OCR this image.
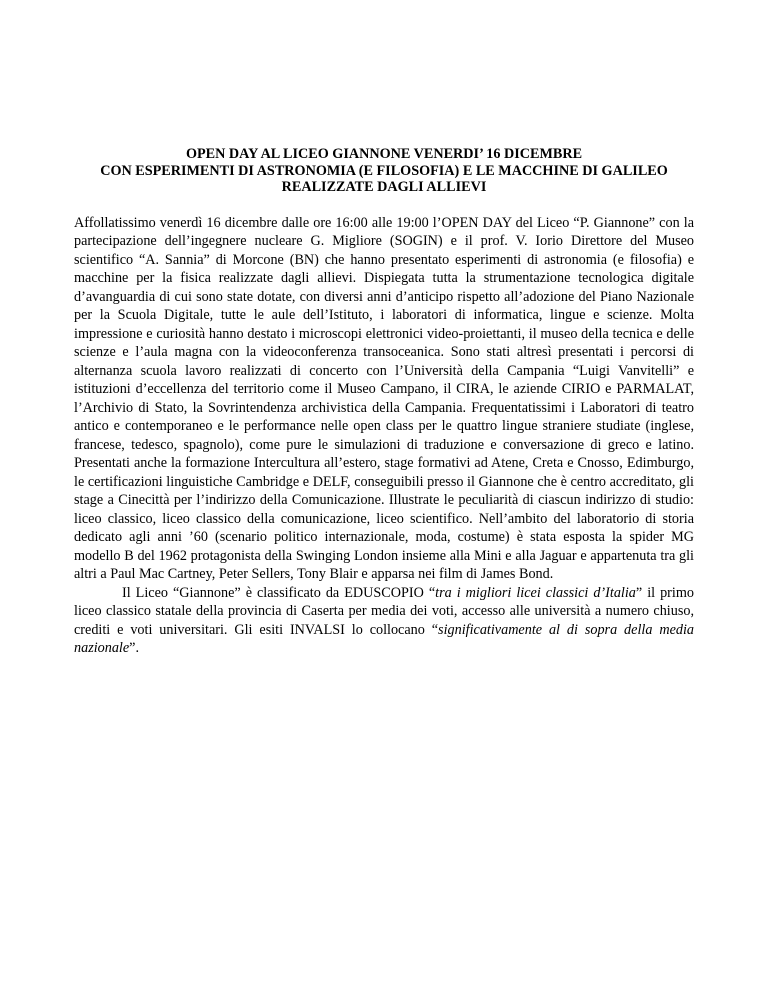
OPEN DAY AL LICEO GIANNONE VENERDI’ 16 DICEMBRE
CON ESPERIMENTI DI ASTRONOMIA (E FILOSOFIA) E LE MACCHINE DI GALILEO
REALIZZATE DAGLI ALLIEVI

Affollatissimo venerdì 16 dicembre dalle ore 16:00 alle 19:00 l’OPEN DAY del Liceo “P. Giannone” con la partecipazione dell’ingegnere nucleare G. Migliore (SOGIN) e il prof. V. Iorio Direttore del Museo scientifico “A. Sannia” di Morcone (BN) che hanno presentato esperimenti di astronomia (e filosofia) e macchine per la fisica realizzate dagli allievi. Dispiegata tutta la strumentazione tecnologica digitale d’avanguardia di cui sono state dotate, con diversi anni d’anticipo rispetto all’adozione del Piano Nazionale per la Scuola Digitale, tutte le aule dell’Istituto, i laboratori di informatica, lingue e scienze. Molta impressione e curiosità hanno destato i microscopi elettronici video-proiettanti, il museo della tecnica e delle scienze e l’aula magna con la videoconferenza transoceanica. Sono stati altresì presentati i percorsi di alternanza scuola lavoro realizzati di concerto con l’Università della Campania “Luigi Vanvitelli” e istituzioni d’eccellenza del territorio come il Museo Campano, il CIRA, le aziende CIRIO e PARMALAT, l’Archivio di Stato, la Sovrintendenza archivistica della Campania. Frequentatissimi i Laboratori di teatro antico e contemporaneo e le performance nelle open class per le quattro lingue straniere studiate (inglese, francese, tedesco, spagnolo), come pure le simulazioni di traduzione e conversazione di greco e latino. Presentati anche la formazione Intercultura all’estero, stage formativi ad Atene, Creta e Cnosso, Edimburgo, le certificazioni linguistiche Cambridge e DELF, conseguibili presso il Giannone che è centro accreditato, gli stage a Cinecittà per l’indirizzo della Comunicazione. Illustrate le peculiarità di ciascun indirizzo di studio: liceo classico, liceo classico della comunicazione, liceo scientifico. Nell’ambito del laboratorio di storia dedicato agli anni ’60 (scenario politico internazionale, moda, costume) è stata esposta la spider MG modello B del 1962 protagonista della Swinging London insieme alla Mini e alla Jaguar e appartenuta tra gli altri a Paul Mac Cartney, Peter Sellers, Tony Blair e apparsa nei film di James Bond.

Il Liceo “Giannone” è classificato da EDUSCOPIO “tra i migliori licei classici d’Italia” il primo liceo classico statale della provincia di Caserta per media dei voti, accesso alle università a numero chiuso, crediti e voti universitari. Gli esiti INVALSI lo collocano “significativamente al di sopra della media nazionale”.
